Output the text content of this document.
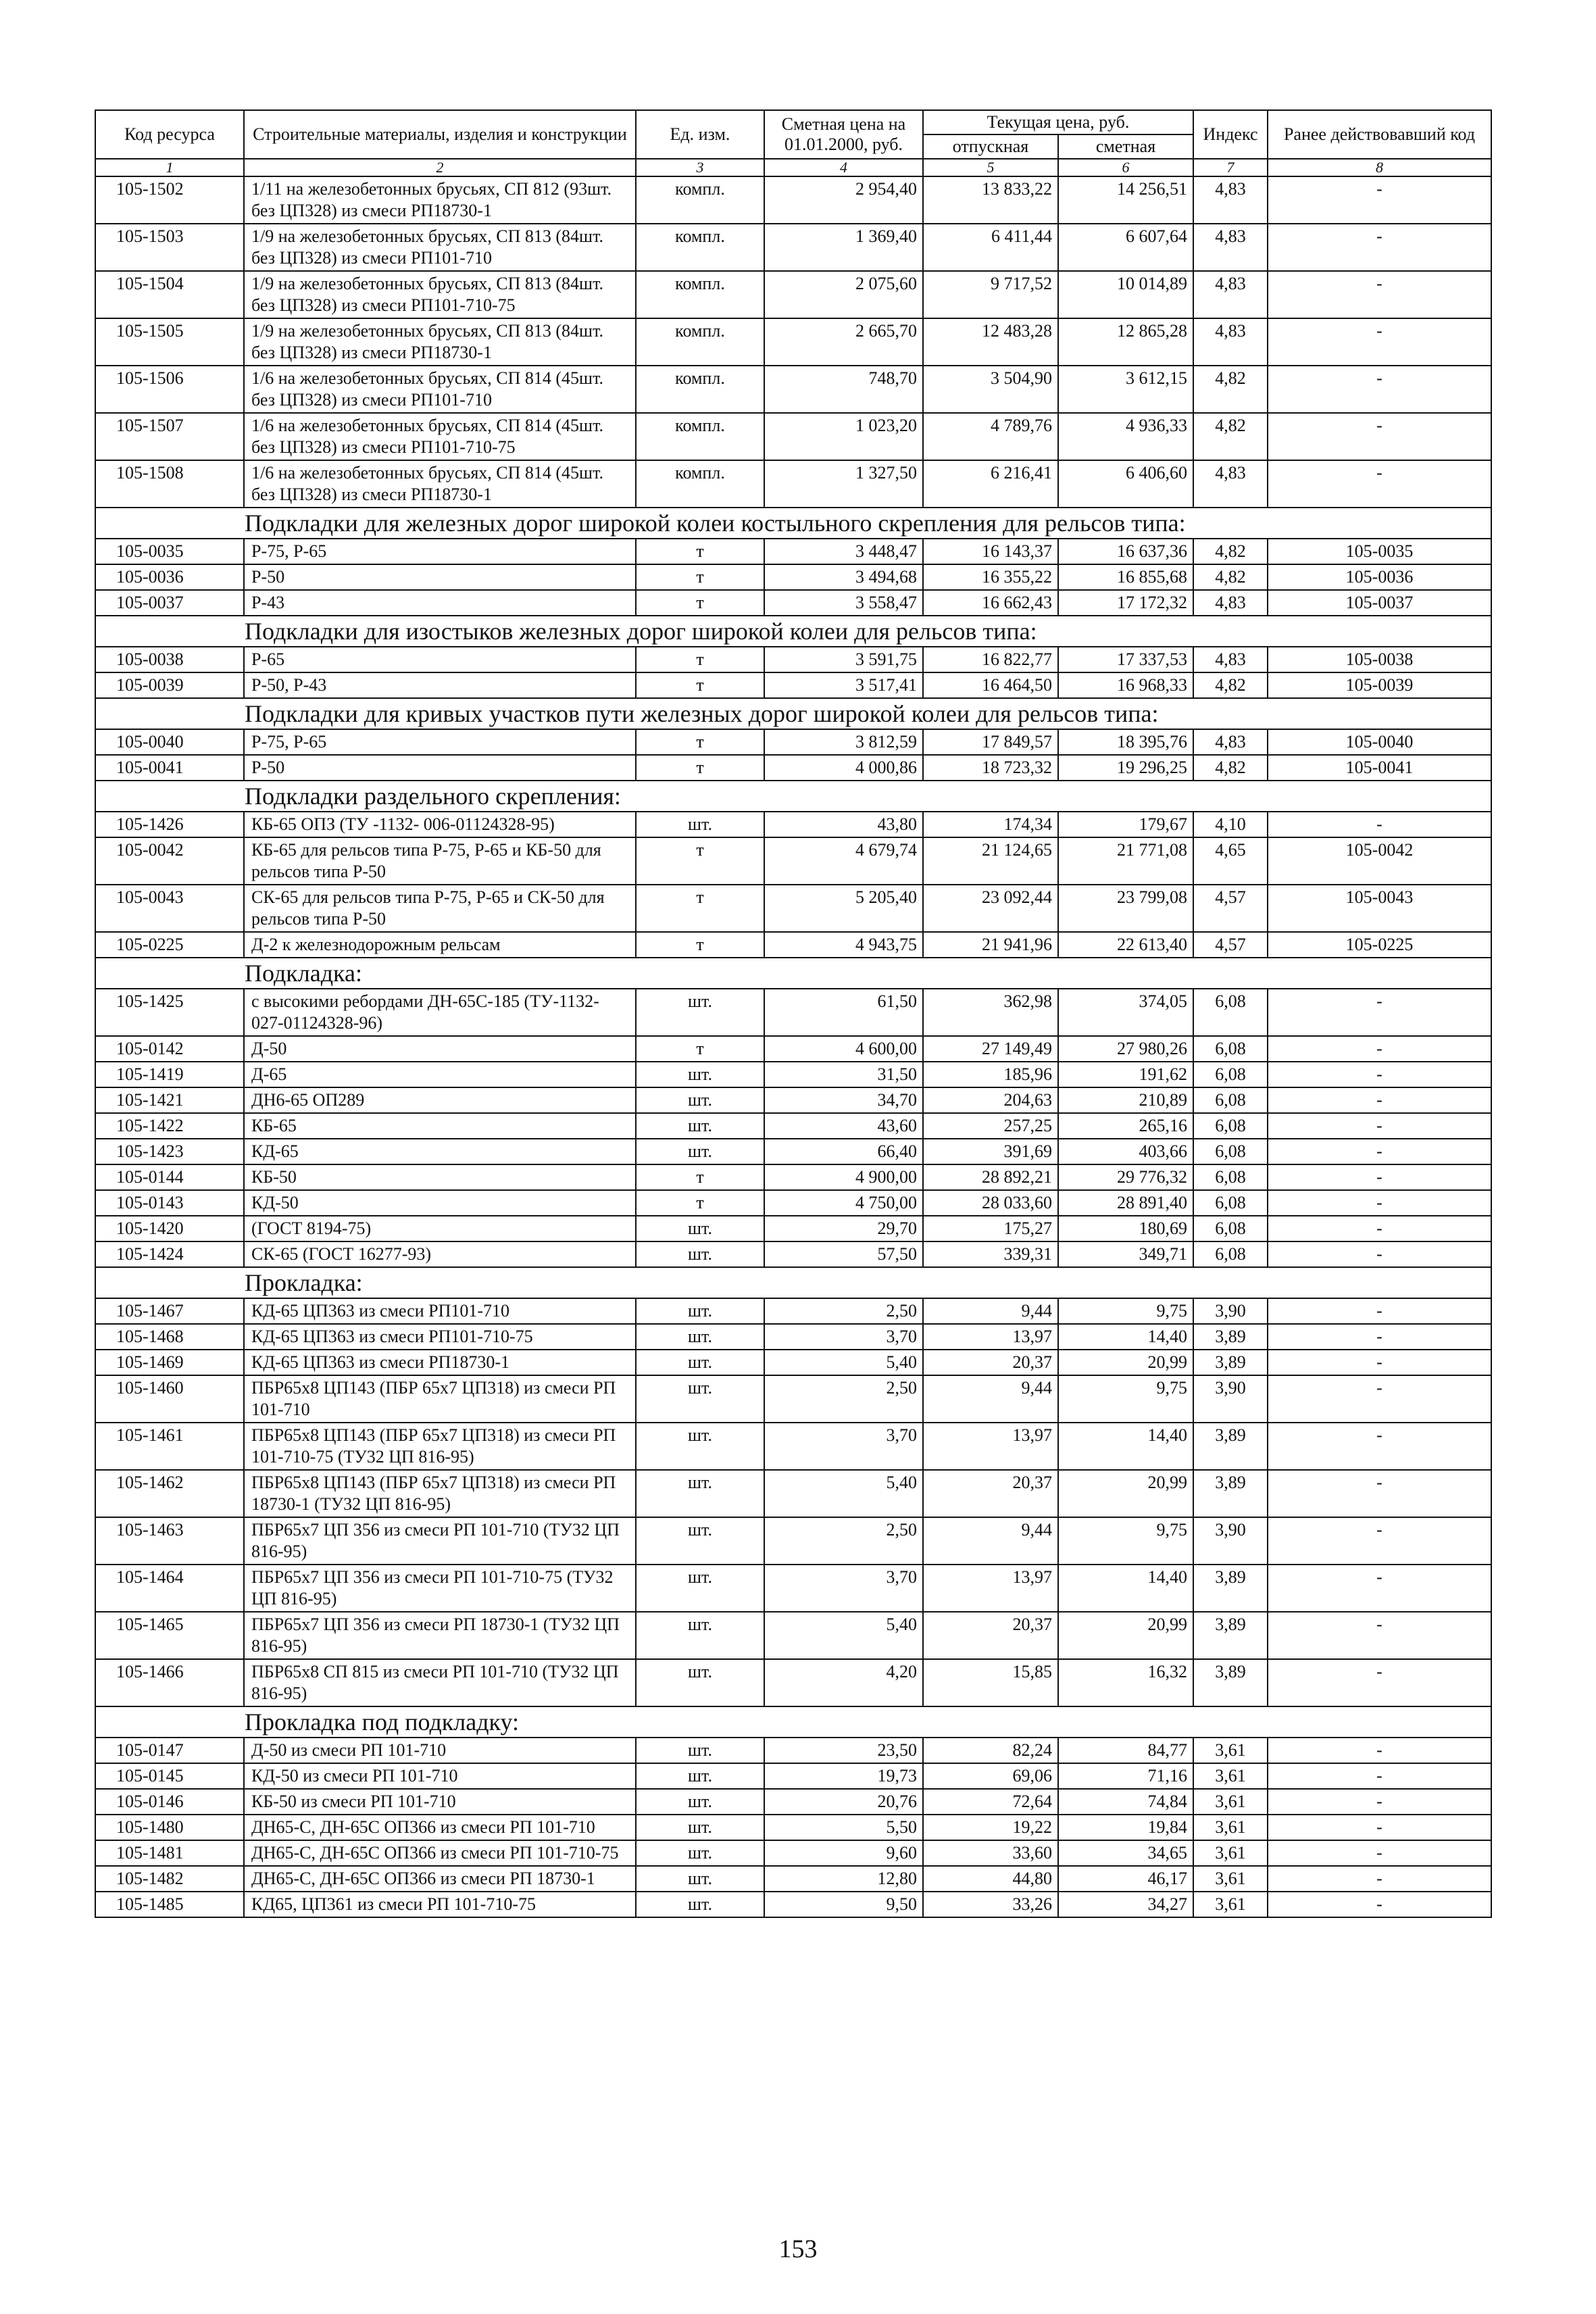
Код ресурса	Строительные материалы, изделия и конструкции	Ед. изм.	Сметная цена на 01.01.2000, руб.	Текущая цена, руб.		Индекс	Ранее действовавший код
				отпускная	сметная		
1	2	3	4	5	6	7	8
105-1502	1/11 на железобетонных брусьях, СП 812 (93шт. без ЦП328) из смеси РП18730-1	компл.	2 954,40	13 833,22	14 256,51	4,83	-
105-1503	1/9 на железобетонных брусьях, СП 813 (84шт. без ЦП328) из смеси РП101-710	компл.	1 369,40	6 411,44	6 607,64	4,83	-
105-1504	1/9 на железобетонных брусьях, СП 813 (84шт. без ЦП328) из смеси РП101-710-75	компл.	2 075,60	9 717,52	10 014,89	4,83	-
105-1505	1/9 на железобетонных брусьях, СП 813 (84шт. без ЦП328) из смеси РП18730-1	компл.	2 665,70	12 483,28	12 865,28	4,83	-
105-1506	1/6 на железобетонных брусьях, СП 814 (45шт. без ЦП328) из смеси РП101-710	компл.	748,70	3 504,90	3 612,15	4,82	-
105-1507	1/6 на железобетонных брусьях, СП 814 (45шт. без ЦП328) из смеси РП101-710-75	компл.	1 023,20	4 789,76	4 936,33	4,82	-
105-1508	1/6 на железобетонных брусьях, СП 814 (45шт. без ЦП328) из смеси РП18730-1	компл.	1 327,50	6 216,41	6 406,60	4,83	-
Подкладки для железных дорог широкой колеи костыльного скрепления для рельсов типа:							
105-0035	Р-75, Р-65	т	3 448,47	16 143,37	16 637,36	4,82	105-0035
105-0036	Р-50	т	3 494,68	16 355,22	16 855,68	4,82	105-0036
105-0037	Р-43	т	3 558,47	16 662,43	17 172,32	4,83	105-0037
Подкладки для изостыков железных дорог широкой колеи для рельсов типа:							
105-0038	Р-65	т	3 591,75	16 822,77	17 337,53	4,83	105-0038
105-0039	Р-50, Р-43	т	3 517,41	16 464,50	16 968,33	4,82	105-0039
Подкладки для кривых участков пути железных дорог широкой колеи для рельсов типа:							
105-0040	Р-75, Р-65	т	3 812,59	17 849,57	18 395,76	4,83	105-0040
105-0041	Р-50	т	4 000,86	18 723,32	19 296,25	4,82	105-0041
Подкладки раздельного скрепления:							
105-1426	КБ-65 ОПЗ (ТУ -1132- 006-01124328-95)	шт.	43,80	174,34	179,67	4,10	-
105-0042	КБ-65 для рельсов типа Р-75, Р-65 и КБ-50 для рельсов типа Р-50	т	4 679,74	21 124,65	21 771,08	4,65	105-0042
105-0043	СК-65 для рельсов типа Р-75, Р-65 и СК-50 для рельсов типа Р-50	т	5 205,40	23 092,44	23 799,08	4,57	105-0043
105-0225	Д-2 к железнодорожным рельсам	т	4 943,75	21 941,96	22 613,40	4,57	105-0225
Подкладка:							
105-1425	с высокими ребордами ДН-65С-185 (ТУ-1132-027-01124328-96)	шт.	61,50	362,98	374,05	6,08	-
105-0142	Д-50	т	4 600,00	27 149,49	27 980,26	6,08	-
105-1419	Д-65	шт.	31,50	185,96	191,62	6,08	-
105-1421	ДН6-65 ОП289	шт.	34,70	204,63	210,89	6,08	-
105-1422	КБ-65	шт.	43,60	257,25	265,16	6,08	-
105-1423	КД-65	шт.	66,40	391,69	403,66	6,08	-
105-0144	КБ-50	т	4 900,00	28 892,21	29 776,32	6,08	-
105-0143	КД-50	т	4 750,00	28 033,60	28 891,40	6,08	-
105-1420	(ГОСТ 8194-75)	шт.	29,70	175,27	180,69	6,08	-
105-1424	СК-65 (ГОСТ 16277-93)	шт.	57,50	339,31	349,71	6,08	-
Прокладка:							
105-1467	КД-65 ЦП363 из смеси РП101-710	шт.	2,50	9,44	9,75	3,90	-
105-1468	КД-65 ЦП363 из смеси РП101-710-75	шт.	3,70	13,97	14,40	3,89	-
105-1469	КД-65 ЦП363 из смеси РП18730-1	шт.	5,40	20,37	20,99	3,89	-
105-1460	ПБР65х8 ЦП143 (ПБР 65х7 ЦП318) из смеси РП 101-710	шт.	2,50	9,44	9,75	3,90	-
105-1461	ПБР65х8 ЦП143 (ПБР 65х7 ЦП318) из смеси РП 101-710-75 (ТУ32 ЦП 816-95)	шт.	3,70	13,97	14,40	3,89	-
105-1462	ПБР65х8 ЦП143 (ПБР 65х7 ЦП318) из смеси РП 18730-1 (ТУ32 ЦП 816-95)	шт.	5,40	20,37	20,99	3,89	-
105-1463	ПБР65х7 ЦП 356 из смеси РП 101-710 (ТУ32 ЦП 816-95)	шт.	2,50	9,44	9,75	3,90	-
105-1464	ПБР65х7 ЦП 356 из смеси РП 101-710-75 (ТУ32 ЦП 816-95)	шт.	3,70	13,97	14,40	3,89	-
105-1465	ПБР65х7 ЦП 356 из смеси РП 18730-1 (ТУ32 ЦП 816-95)	шт.	5,40	20,37	20,99	3,89	-
105-1466	ПБР65х8 СП 815 из смеси РП 101-710 (ТУ32 ЦП 816-95)	шт.	4,20	15,85	16,32	3,89	-
Прокладка под подкладку:							
105-0147	Д-50 из смеси РП 101-710	шт.	23,50	82,24	84,77	3,61	-
105-0145	КД-50 из смеси РП 101-710	шт.	19,73	69,06	71,16	3,61	-
105-0146	КБ-50 из смеси РП 101-710	шт.	20,76	72,64	74,84	3,61	-
105-1480	ДН65-С, ДН-65С ОП366 из смеси РП 101-710	шт.	5,50	19,22	19,84	3,61	-
105-1481	ДН65-С, ДН-65С ОП366 из смеси РП 101-710-75	шт.	9,60	33,60	34,65	3,61	-
105-1482	ДН65-С, ДН-65С ОП366 из смеси РП 18730-1	шт.	12,80	44,80	46,17	3,61	-
105-1485	КД65, ЦП361 из смеси РП 101-710-75	шт.	9,50	33,26	34,27	3,61	-
153
